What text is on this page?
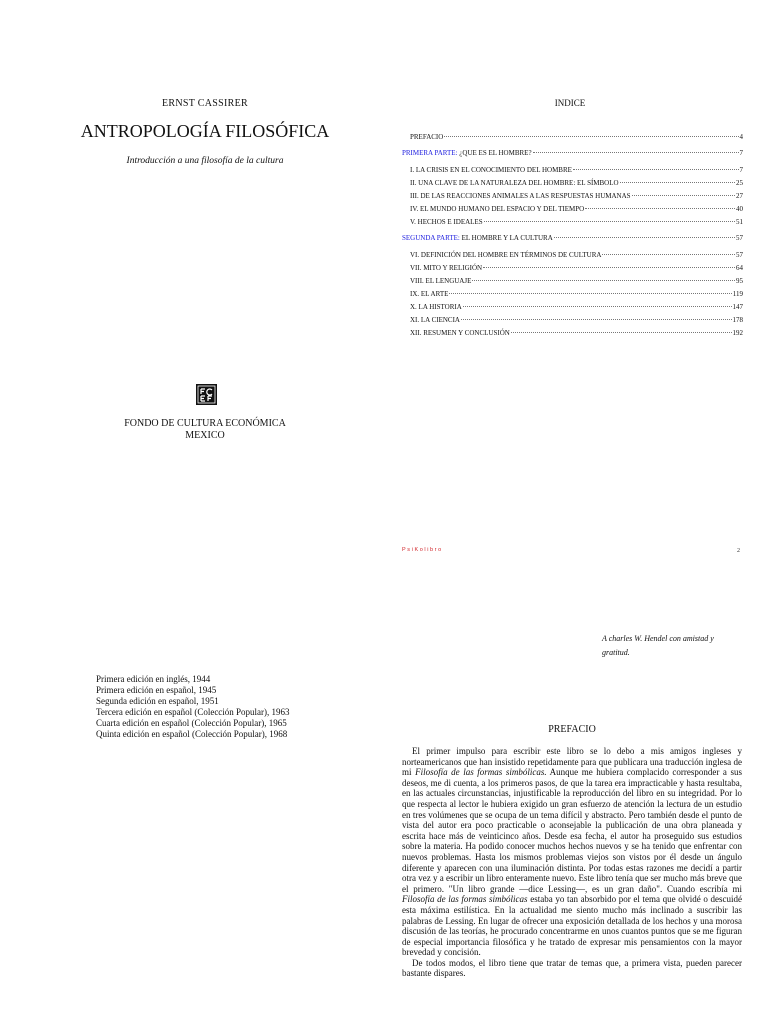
ERNST CASSIRER
ANTROPOLOGÍA FILOSÓFICA
Introducción a una filosofía de la cultura
FONDO DE CULTURA ECONÓMICA
MEXICO
INDICE
PREFACIO	4
PRIMERA PARTE: ¿QUE ES EL HOMBRE?	7
I. LA CRISIS EN EL CONOCIMIENTO DEL HOMBRE	7
II. UNA CLAVE DE LA NATURALEZA DEL HOMBRE: EL SÍMBOLO	25
III. DE LAS REACCIONES ANIMALES A LAS RESPUESTAS HUMANAS	27
IV. EL MUNDO HUMANO DEL ESPACIO Y DEL TIEMPO	40
V. HECHOS E IDEALES	51
SEGUNDA PARTE: EL HOMBRE Y LA CULTURA	57
VI. DEFINICIÓN DEL HOMBRE EN TÉRMINOS DE CULTURA	57
VII. MITO Y RELIGIÓN	64
VIII. EL LENGUAJE	95
IX. EL ARTE	119
X. LA HISTORIA	147
XI. LA CIENCIA	178
XII. RESUMEN Y CONCLUSIÓN	192
PsiKolibro	2
A charles W. Hendel con amistad y gratitud.
Primera edición en inglés, 1944
Primera edición en español, 1945
Segunda edición en español, 1951
Tercera edición en español (Colección Popular), 1963
Cuarta edición en español (Colección Popular), 1965
Quinta edición en español (Colección Popular), 1968	PREFACIO

El primer impulso para escribir este libro se lo debo a mis amigos ingleses y norteamericanos que han insistido repetidamente para que publicara una traducción inglesa de mi Filosofía de las formas simbólicas. Aunque me hubiera complacido corresponder a sus deseos, me di cuenta, a los primeros pasos, de que la tarea era impracticable y hasta resultaba, en las actuales circunstancias, injustificable la reproducción del libro en su integridad. Por lo que respecta al lector le hubiera exigido un gran esfuerzo de atención la lectura de un estudio en tres volúmenes que se ocupa de un tema difícil y abstracto. Pero también desde el punto de vista del autor era poco practicable o aconsejable la publicación de una obra planeada y escrita hace más de veinticinco años. Desde esa fecha, el autor ha proseguido sus estudios sobre la materia. Ha podido conocer muchos hechos nuevos y se ha tenido que enfrentar con nuevos problemas. Hasta los mismos problemas viejos son vistos por él desde un ángulo diferente y aparecen con una iluminación distinta. Por todas estas razones me decidí a partir otra vez y a escribir un libro enteramente nuevo. Este libro tenía que ser mucho más breve que el primero. "Un libro grande —dice Lessing—, es un gran daño". Cuando escribía mi Filosofía de las formas simbólicas estaba yo tan absorbido por el tema que olvidé o descuidé esta máxima estilística. En la actualidad me siento mucho más inclinado a suscribir las palabras de Lessing. En lugar de ofrecer una exposición detallada de los hechos y una morosa discusión de las teorías, he procurado concentrarme en unos cuantos puntos que se me figuran de especial importancia filosófica y he tratado de expresar mis pensamientos con la mayor brevedad y concisión.

De todos modos, el libro tiene que tratar de temas que, a primera vista, pueden parecer bastante dispares.
